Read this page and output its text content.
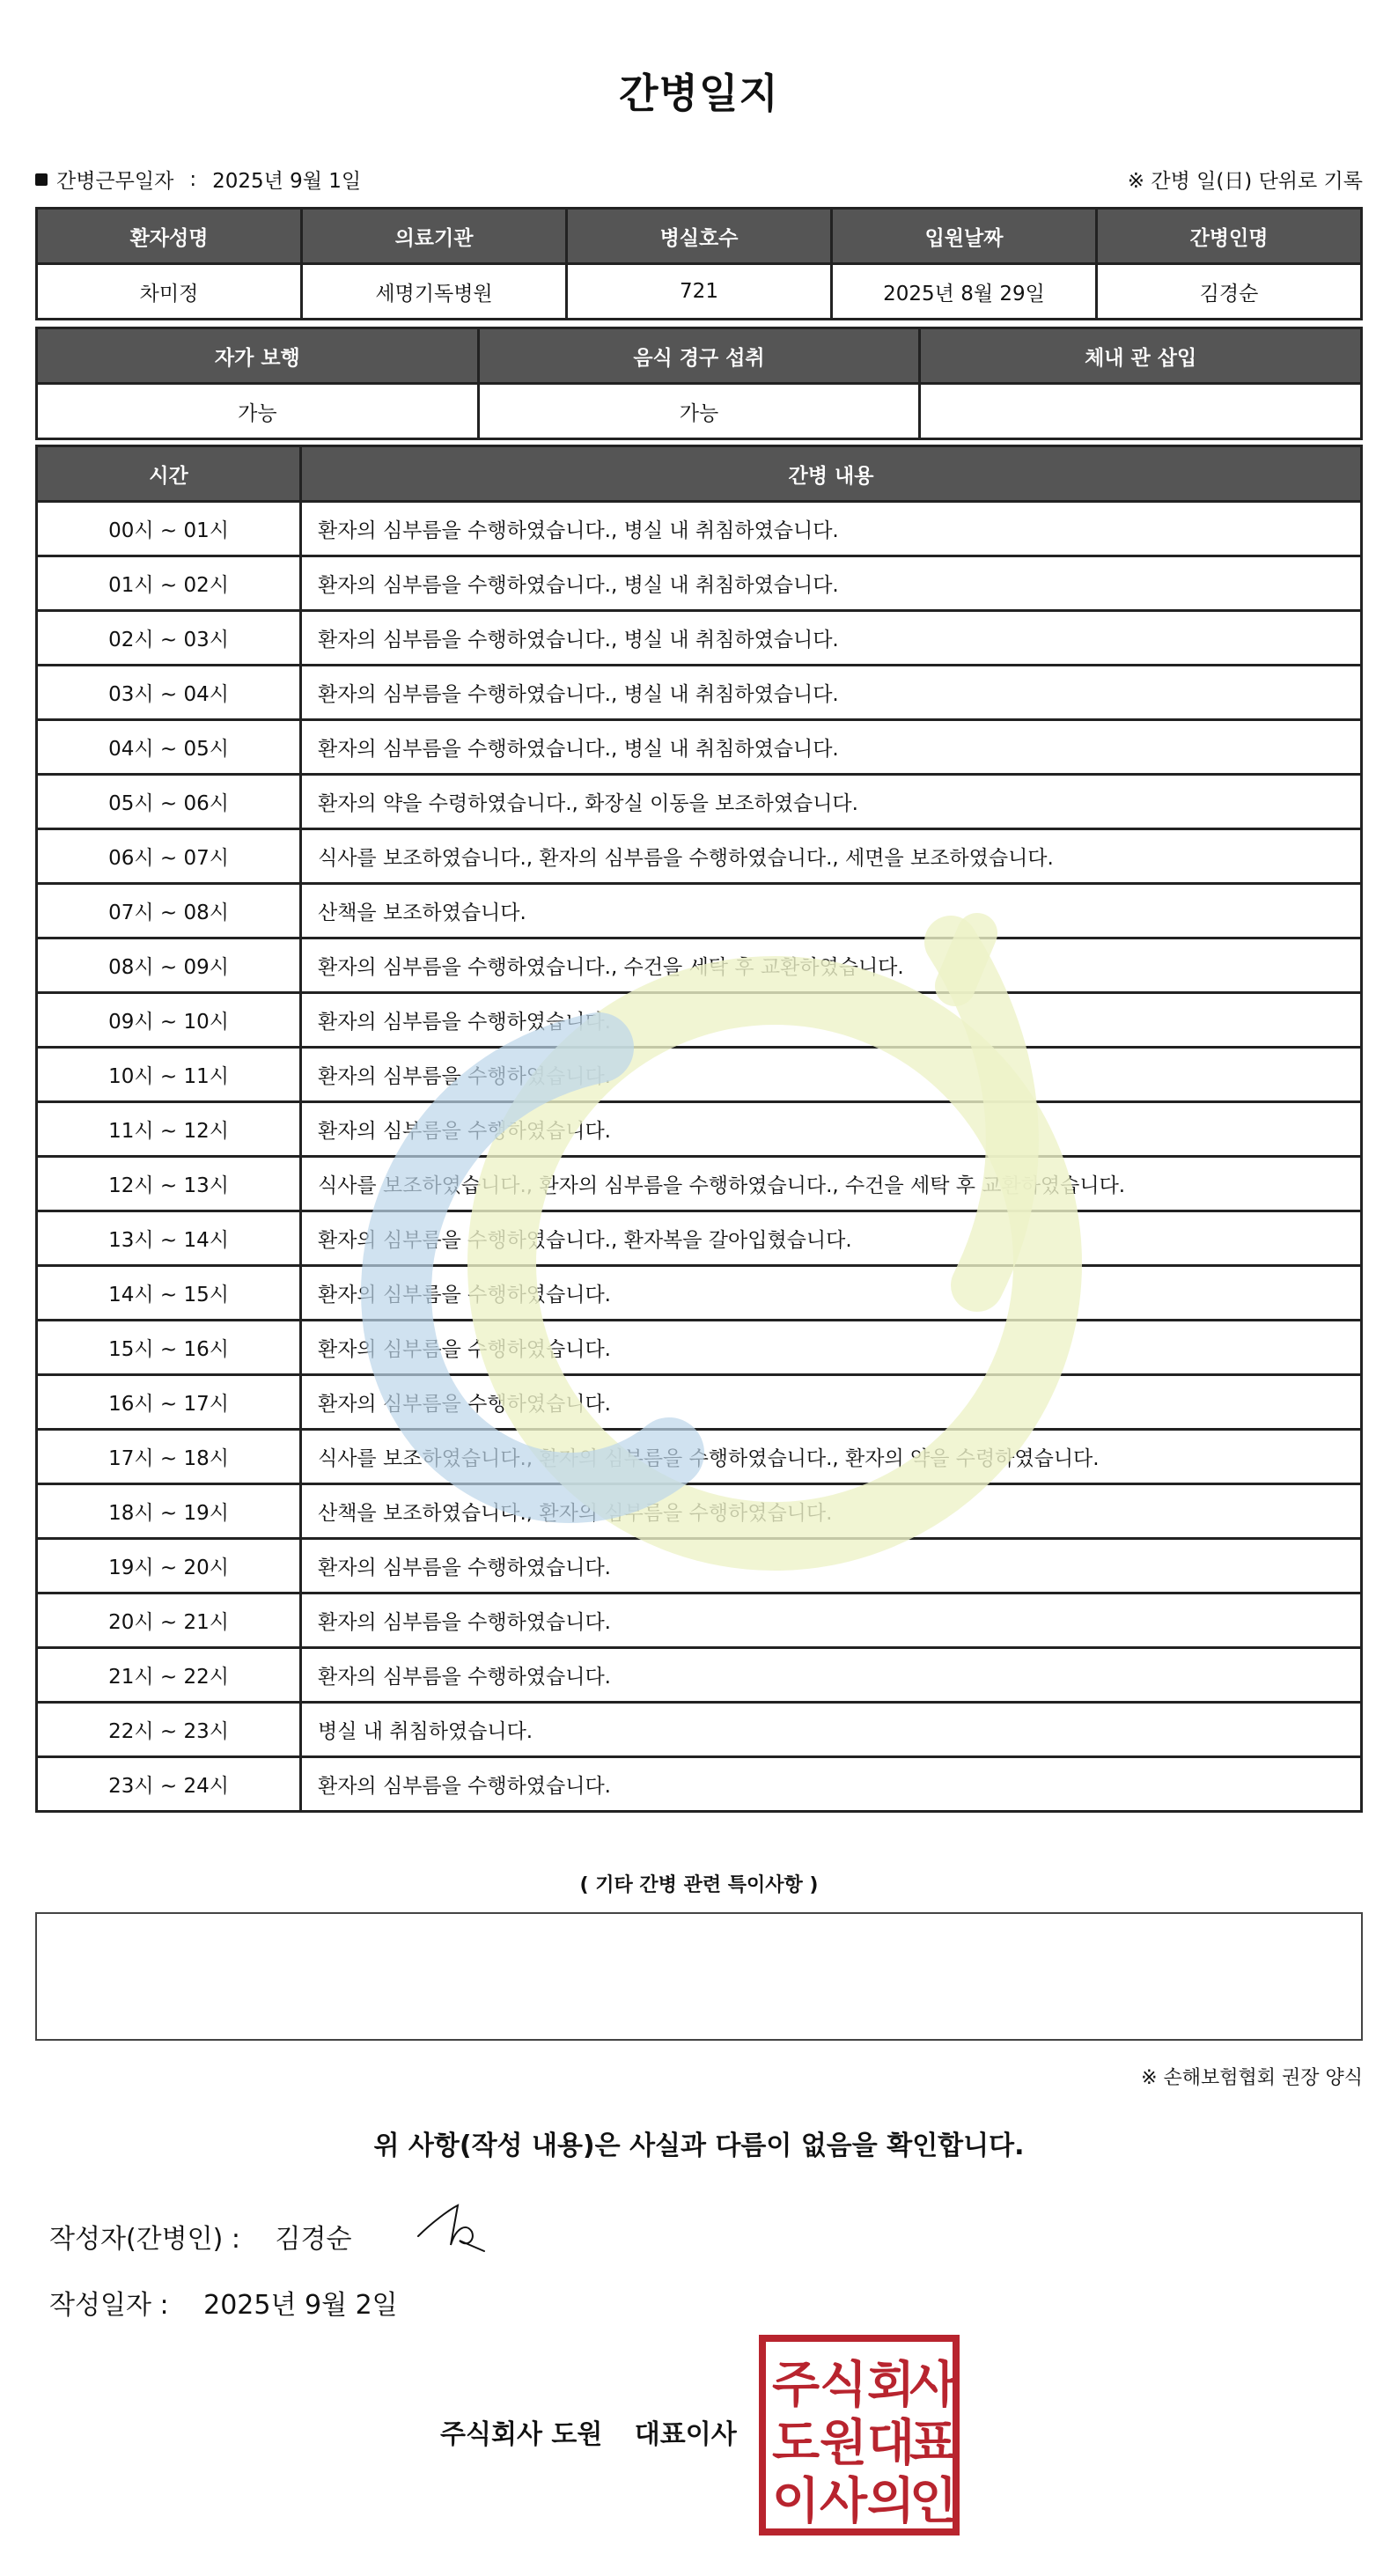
간병일지
간병근무일자 : 2025년 9월 1일	※ 간병 일(日) 단위로 기록
환자성명	의료기관	병실호수	입원날짜	간병인명
차미정	세명기독병원	721	2025년 8월 29일	김경순
자가 보행	음식 경구 섭취	체내 관 삽입
가능	가능	
시간	간병 내용
00시 ~ 01시	환자의 심부름을 수행하였습니다., 병실 내 취침하였습니다.
01시 ~ 02시	환자의 심부름을 수행하였습니다., 병실 내 취침하였습니다.
02시 ~ 03시	환자의 심부름을 수행하였습니다., 병실 내 취침하였습니다.
03시 ~ 04시	환자의 심부름을 수행하였습니다., 병실 내 취침하였습니다.
04시 ~ 05시	환자의 심부름을 수행하였습니다., 병실 내 취침하였습니다.
05시 ~ 06시	환자의 약을 수령하였습니다., 화장실 이동을 보조하였습니다.
06시 ~ 07시	식사를 보조하였습니다., 환자의 심부름을 수행하였습니다., 세면을 보조하였습니다.
07시 ~ 08시	산책을 보조하였습니다.
08시 ~ 09시	환자의 심부름을 수행하였습니다., 수건을 세탁 후 교환하였습니다.
09시 ~ 10시	환자의 심부름을 수행하였습니다.
10시 ~ 11시	환자의 심부름을 수행하였습니다.
11시 ~ 12시	환자의 심부름을 수행하였습니다.
12시 ~ 13시	식사를 보조하였습니다., 환자의 심부름을 수행하였습니다., 수건을 세탁 후 교환하였습니다.
13시 ~ 14시	환자의 심부름을 수행하였습니다., 환자복을 갈아입혔습니다.
14시 ~ 15시	환자의 심부름을 수행하였습니다.
15시 ~ 16시	환자의 심부름을 수행하였습니다.
16시 ~ 17시	환자의 심부름을 수행하였습니다.
17시 ~ 18시	식사를 보조하였습니다., 환자의 심부름을 수행하였습니다., 환자의 약을 수령하였습니다.
18시 ~ 19시	산책을 보조하였습니다., 환자의 심부름을 수행하였습니다.
19시 ~ 20시	환자의 심부름을 수행하였습니다.
20시 ~ 21시	환자의 심부름을 수행하였습니다.
21시 ~ 22시	환자의 심부름을 수행하였습니다.
22시 ~ 23시	병실 내 취침하였습니다.
23시 ~ 24시	환자의 심부름을 수행하였습니다.
( 기타 간병 관련 특이사항 )
※ 손해보험협회 권장 양식
위 사항(작성 내용)은 사실과 다름이 없음을 확인합니다.
작성자(간병인) : 김경순
작성일자 : 2025년 9월 2일
주식회사 도원 대표이사
주 식 회
사
도 원 대
표
이 사 의
인
